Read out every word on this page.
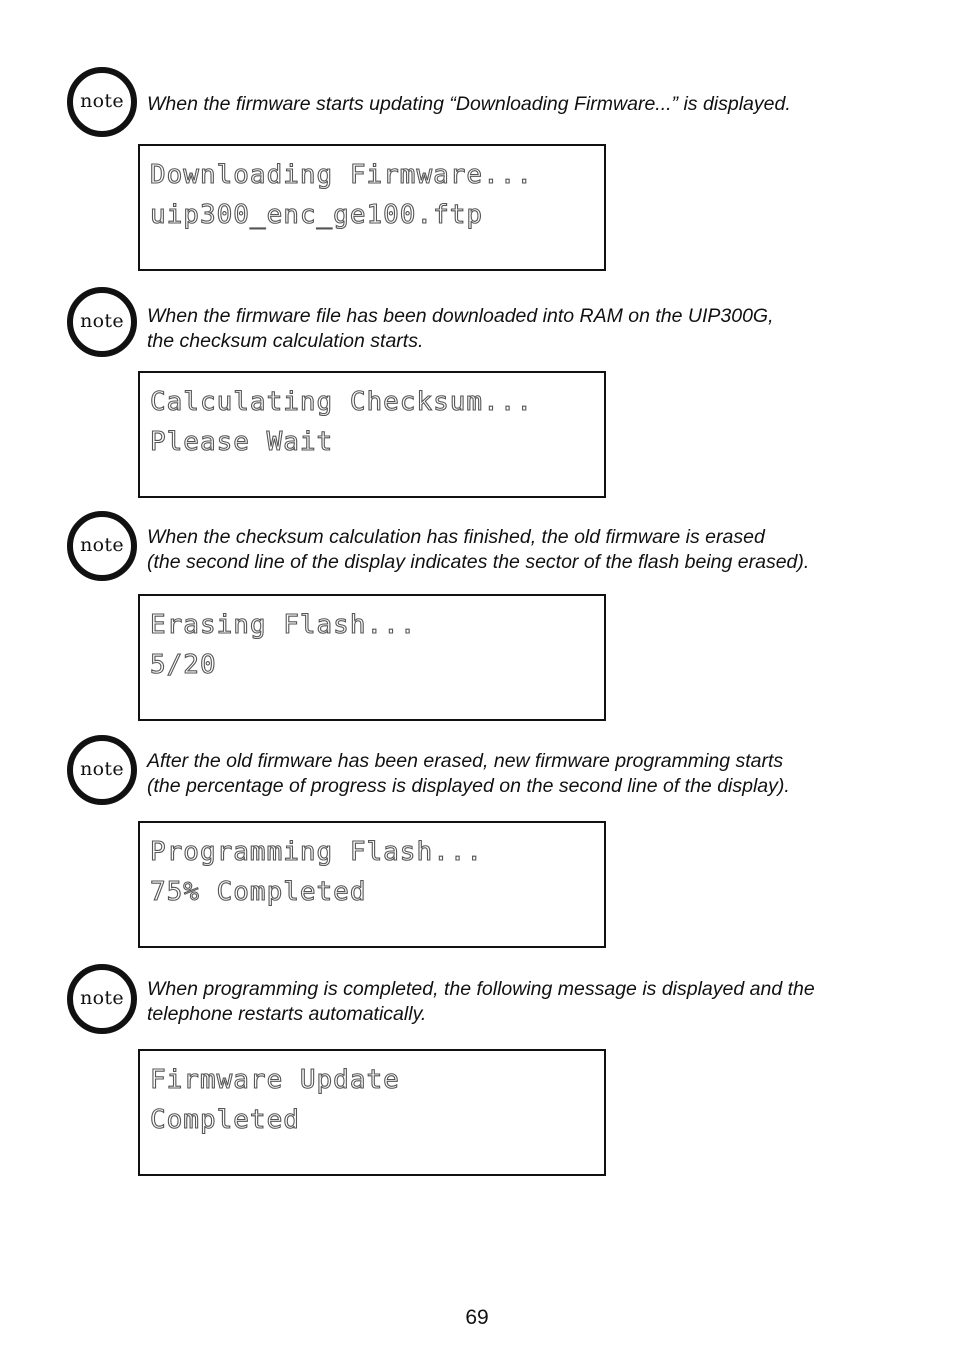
note When the firmware starts updating “Downloading Firmware...” is displayed.

Downloading Firmware...
uip300_enc_ge100.ftp
note When the firmware file has been downloaded into RAM on the UIP300G,
the checksum calculation starts.

Calculating Checksum...
Please Wait
note When the checksum calculation has finished, the old firmware is erased
(the second line of the display indicates the sector of the flash being erased).

Erasing Flash...
5/20
note After the old firmware has been erased, new firmware programming starts
(the percentage of progress is displayed on the second line of the display).

Programming Flash...
75% Completed
note When programming is completed, the following message is displayed and the
telephone restarts automatically.

Firmware Update
Completed
69
